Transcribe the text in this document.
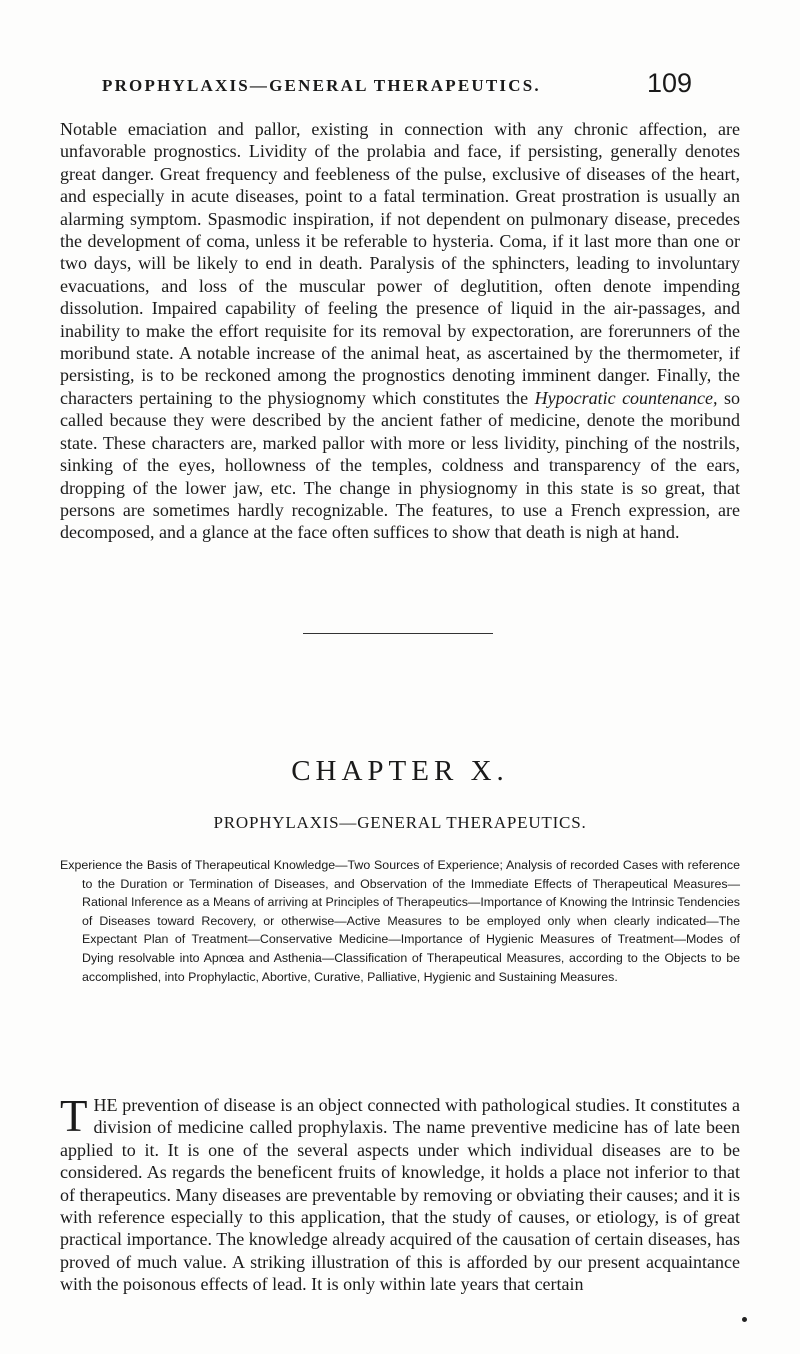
PROPHYLAXIS—GENERAL THERAPEUTICS.	109

Notable emaciation and pallor, existing in connection with any chronic affection, are unfavorable prognostics. Lividity of the prolabia and face, if persisting, generally denotes great danger. Great frequency and feebleness of the pulse, exclusive of diseases of the heart, and especially in acute diseases, point to a fatal termination. Great prostration is usually an alarming symptom. Spasmodic inspiration, if not dependent on pulmonary disease, precedes the development of coma, unless it be referable to hysteria. Coma, if it last more than one or two days, will be likely to end in death. Paralysis of the sphincters, leading to involuntary evacuations, and loss of the muscular power of deglutition, often denote impending dissolution. Impaired capability of feeling the presence of liquid in the air-passages, and inability to make the effort requisite for its removal by expectoration, are forerunners of the moribund state. A notable increase of the animal heat, as ascertained by the thermometer, if persisting, is to be reckoned among the prognostics denoting imminent danger. Finally, the characters pertaining to the physiognomy which constitutes the Hypocratic countenance, so called because they were described by the ancient father of medicine, denote the moribund state. These characters are, marked pallor with more or less lividity, pinching of the nostrils, sinking of the eyes, hollowness of the temples, coldness and transparency of the ears, dropping of the lower jaw, etc. The change in physiognomy in this state is so great, that persons are sometimes hardly recognizable. The features, to use a French expression, are decomposed, and a glance at the face often suffices to show that death is nigh at hand.

CHAPTER X.
PROPHYLAXIS—GENERAL THERAPEUTICS.

Experience the Basis of Therapeutical Knowledge—Two Sources of Experience; Analysis of recorded Cases with reference to the Duration or Termination of Diseases, and Observation of the Immediate Effects of Therapeutical Measures—Rational Inference as a Means of arriving at Principles of Therapeutics—Importance of Knowing the Intrinsic Tendencies of Diseases toward Recovery, or otherwise—Active Measures to be employed only when clearly indicated—The Expectant Plan of Treatment—Conservative Medicine—Importance of Hygienic Measures of Treatment—Modes of Dying resolvable into Apnœa and Asthenia—Classification of Therapeutical Measures, according to the Objects to be accomplished, into Prophylactic, Abortive, Curative, Palliative, Hygienic and Sustaining Measures.

THE prevention of disease is an object connected with pathological studies. It constitutes a division of medicine called prophylaxis. The name preventive medicine has of late been applied to it. It is one of the several aspects under which individual diseases are to be considered. As regards the beneficent fruits of knowledge, it holds a place not inferior to that of therapeutics. Many diseases are preventable by removing or obviating their causes; and it is with reference especially to this application, that the study of causes, or etiology, is of great practical importance. The knowledge already acquired of the causation of certain diseases, has proved of much value. A striking illustration of this is afforded by our present acquaintance with the poisonous effects of lead. It is only within late years that certain
